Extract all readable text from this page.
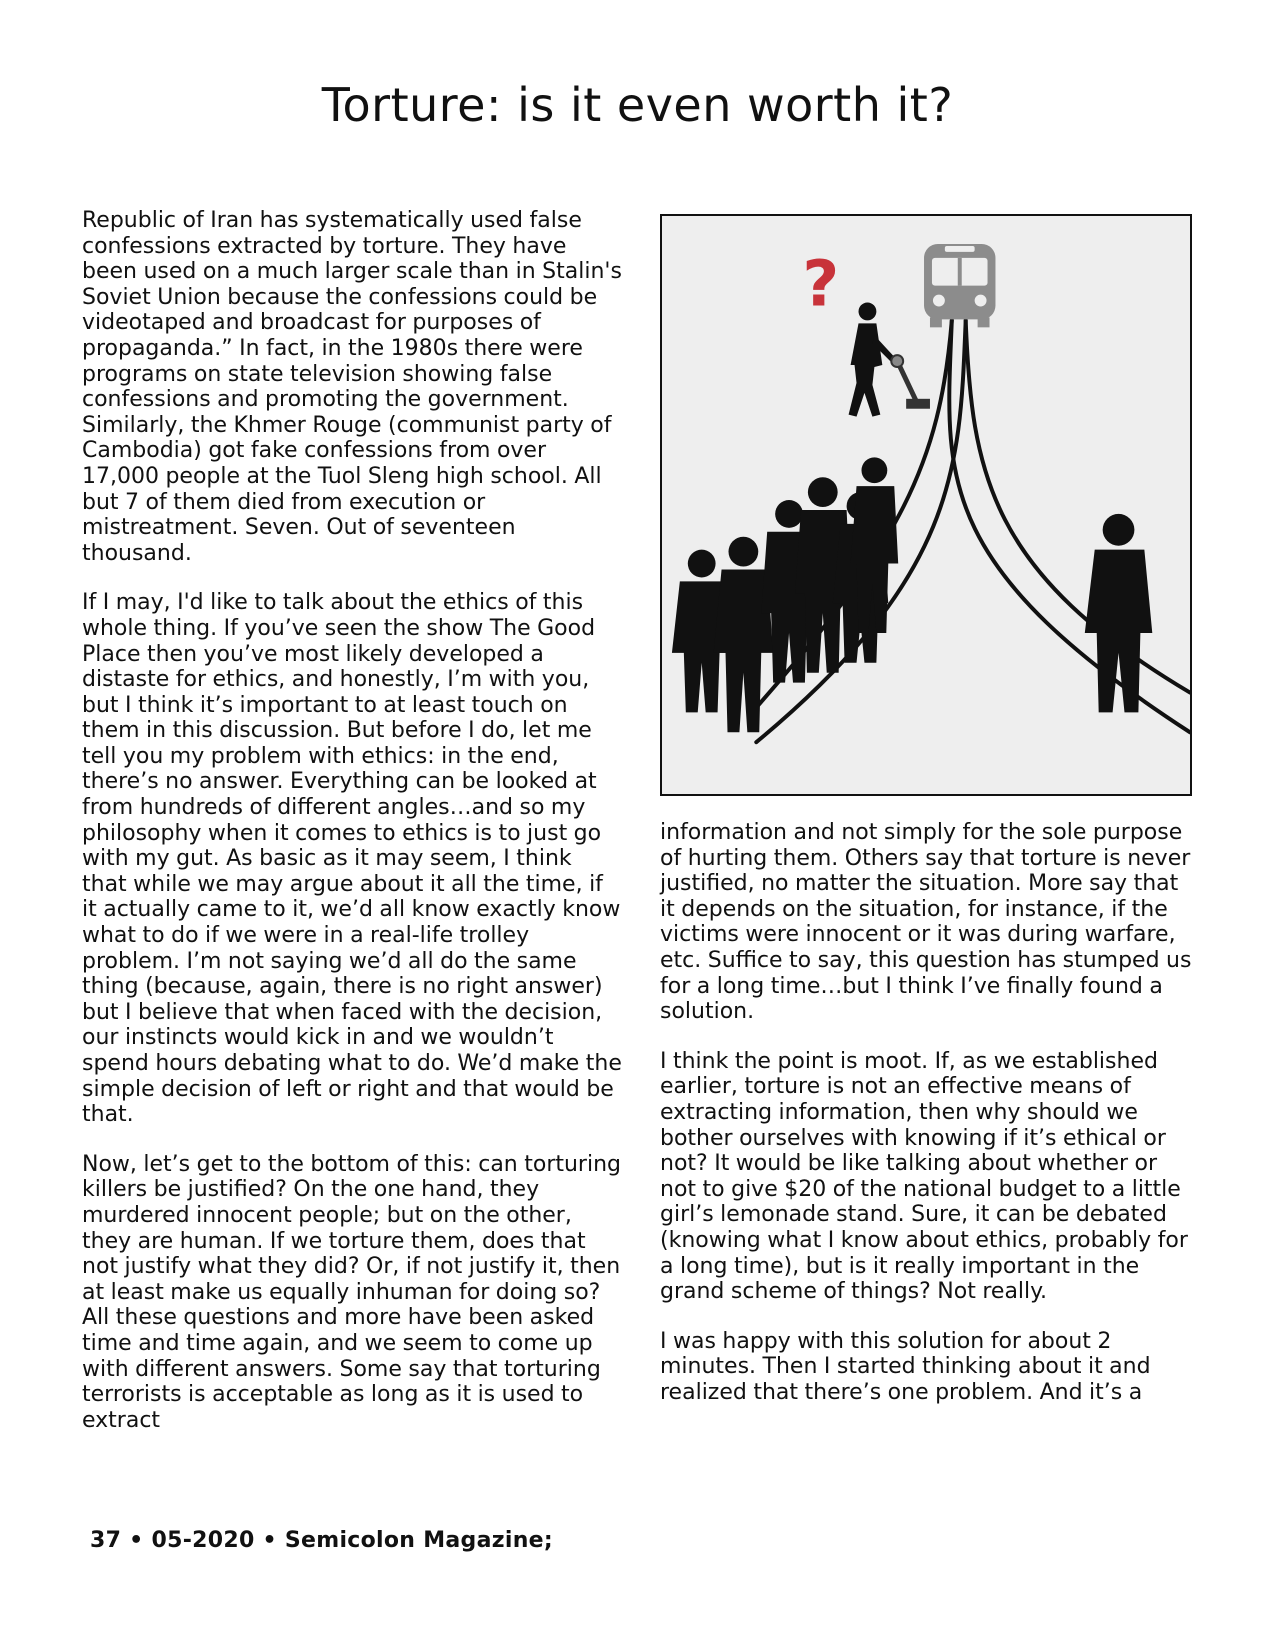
Torture: is it even worth it?

Republic of Iran has systematically used false confessions extracted by torture. They have been used on a much larger scale than in Stalin's Soviet Union because the confessions could be videotaped and broadcast for purposes of propaganda.” In fact, in the 1980s there were programs on state television showing false confessions and promoting the government. Similarly, the Khmer Rouge (communist party of Cambodia) got fake confessions from over 17,000 people at the Tuol Sleng high school. All but 7 of them died from execution or mistreatment. Seven. Out of seventeen thousand.

If I may, I'd like to talk about the ethics of this whole thing. If you’ve seen the show The Good Place then you’ve most likely developed a distaste for ethics, and honestly, I’m with you, but I think it’s important to at least touch on them in this discussion. But before I do, let me tell you my problem with ethics: in the end, there’s no answer. Everything can be looked at from hundreds of different angles…and so my philosophy when it comes to ethics is to just go with my gut. As basic as it may seem, I think that while we may argue about it all the time, if it actually came to it, we’d all know exactly know what to do if we were in a real-life trolley problem. I’m not saying we’d all do the same thing (because, again, there is no right answer) but I believe that when faced with the decision, our instincts would kick in and we wouldn’t spend hours debating what to do. We’d make the simple decision of left or right and that would be that.

Now, let’s get to the bottom of this: can torturing killers be justified? On the one hand, they murdered innocent people; but on the other, they are human. If we torture them, does that not justify what they did? Or, if not justify it, then at least make us equally inhuman for doing so? All these questions and more have been asked time and time again, and we seem to come up with different answers. Some say that torturing terrorists is acceptable as long as it is used to extract

?

information and not simply for the sole purpose of hurting them. Others say that torture is never justified, no matter the situation. More say that it depends on the situation, for instance, if the victims were innocent or it was during warfare, etc. Suffice to say, this question has stumped us for a long time…but I think I’ve finally found a solution.

I think the point is moot. If, as we established earlier, torture is not an effective means of extracting information, then why should we bother ourselves with knowing if it’s ethical or not? It would be like talking about whether or not to give $20 of the national budget to a little girl’s lemonade stand. Sure, it can be debated (knowing what I know about ethics, probably for a long time), but is it really important in the grand scheme of things? Not really.

I was happy with this solution for about 2 minutes. Then I started thinking about it and realized that there’s one problem. And it’s a

37 • 05-2020 • Semicolon Magazine;
